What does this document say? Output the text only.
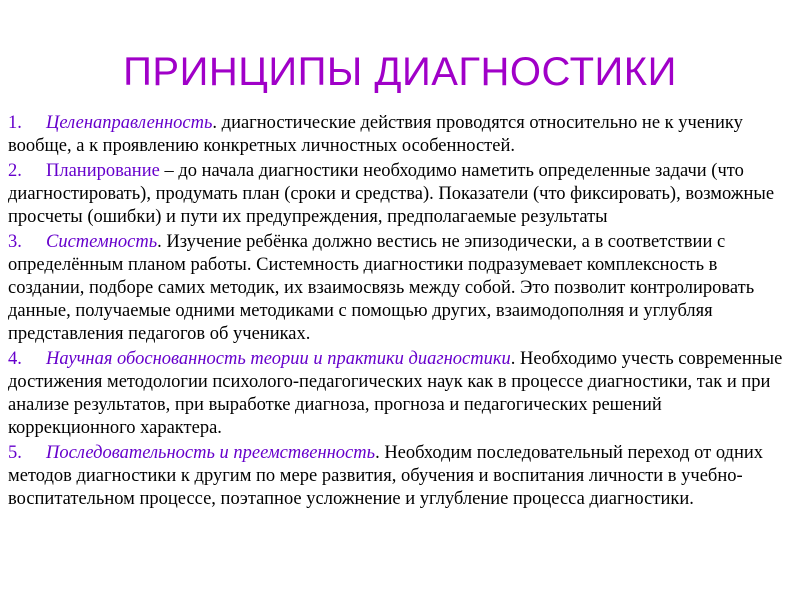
ПРИНЦИПЫ ДИАГНОСТИКИ
1. Целенаправленность. диагностические действия проводятся относительно не к ученику вообще, а к проявлению конкретных личностных особенностей.
2. Планирование – до начала диагностики необходимо наметить определенные задачи (что диагностировать), продумать план (сроки и средства). Показатели (что фиксировать), возможные просчеты (ошибки) и пути их предупреждения, предполагаемые результаты
3. Системность. Изучение ребёнка должно вестись не эпизодически, а в соответствии с определённым планом работы. Системность диагностики подразумевает комплексность в создании, подборе самих методик, их взаимосвязь между собой. Это позволит контролировать данные, получаемые одними методиками с помощью других, взаимодополняя и углубляя представления педагогов об учениках.
4. Научная обоснованность теории и практики диагностики. Необходимо учесть современные достижения методологии психолого-педагогических наук как в процессе диагностики, так и при анализе результатов, при выработке диагноза, прогноза и педагогических решений коррекционного характера.
5. Последовательность и преемственность. Необходим последовательный переход от одних методов диагностики к другим по мере развития, обучения и воспитания личности в учебно-воспитательном процессе, поэтапное усложнение и углубление процесса диагностики.
